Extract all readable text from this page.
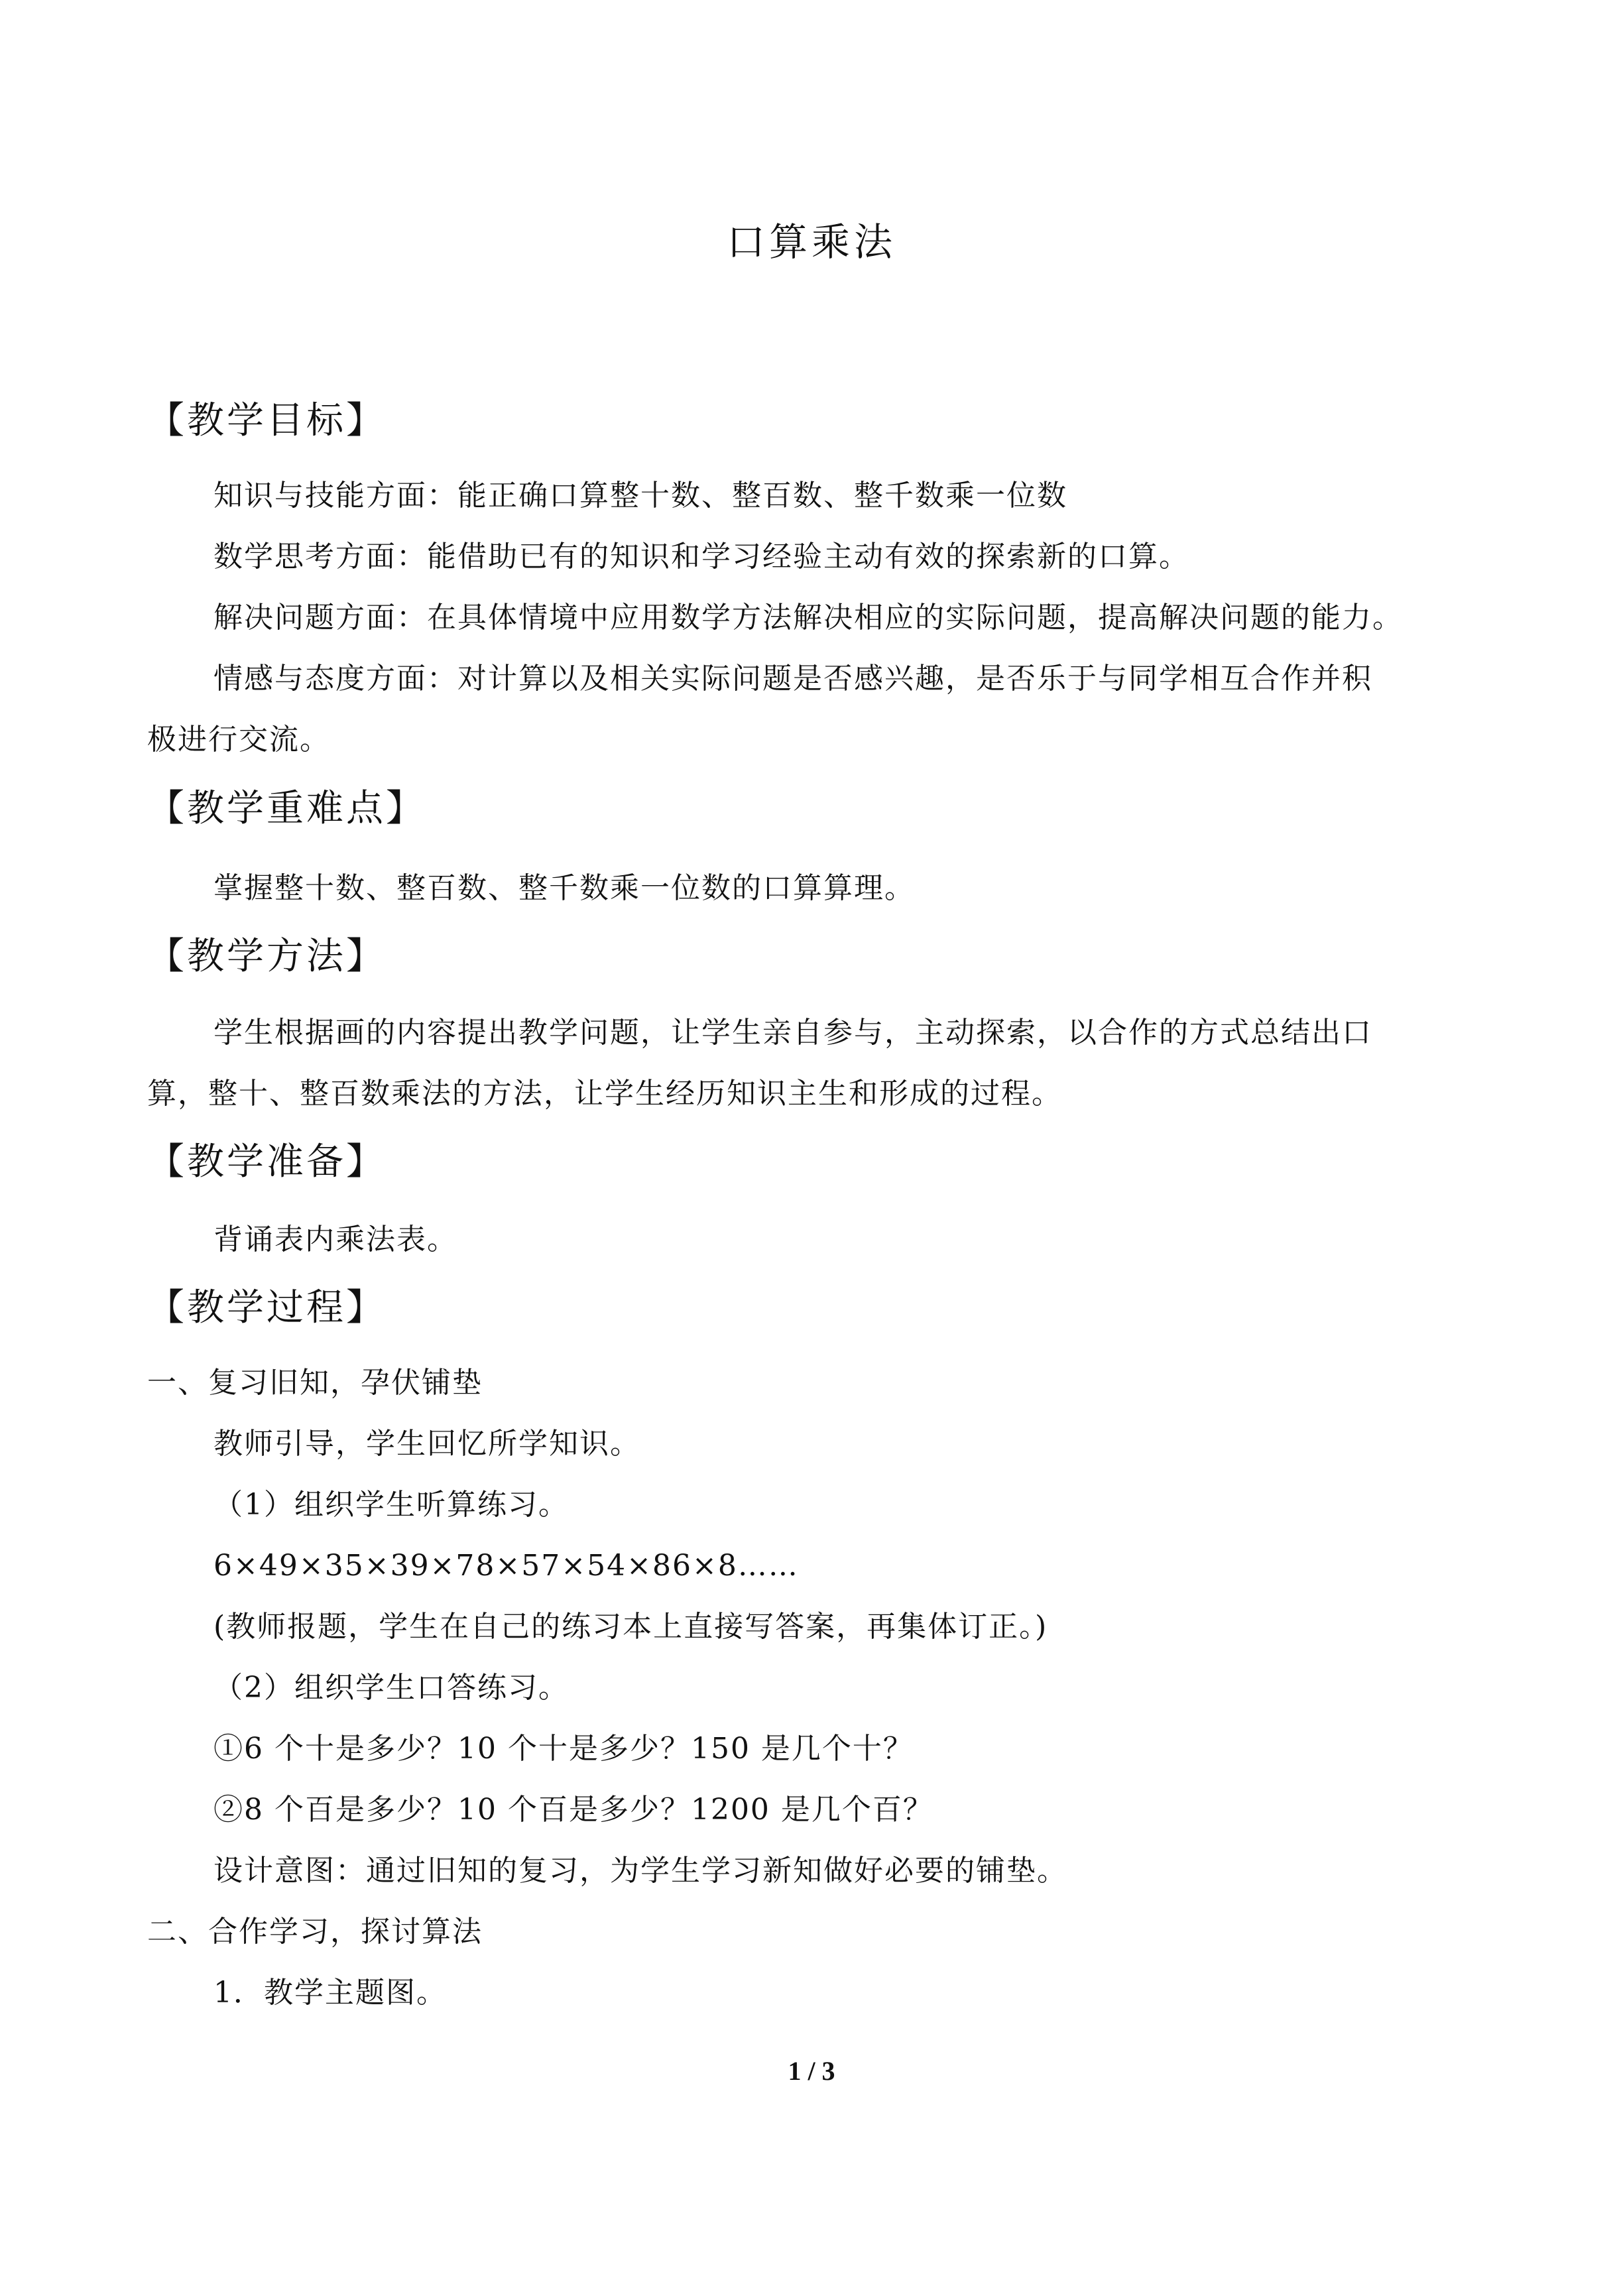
口算乘法
【教学目标】
知识与技能方面：能正确口算整十数、整百数、整千数乘一位数
数学思考方面：能借助已有的知识和学习经验主动有效的探索新的口算。
解决问题方面：在具体情境中应用数学方法解决相应的实际问题，提高解决问题的能力。
情感与态度方面：对计算以及相关实际问题是否感兴趣，是否乐于与同学相互合作并积
极进行交流。
【教学重难点】
掌握整十数、整百数、整千数乘一位数的口算算理。
【教学方法】
学生根据画的内容提出教学问题，让学生亲自参与，主动探索，以合作的方式总结出口
算，整十、整百数乘法的方法，让学生经历知识主生和形成的过程。
【教学准备】
背诵表内乘法表。
【教学过程】
一、复习旧知，孕伏铺垫
教师引导，学生回忆所学知识。
（1）组织学生听算练习。
6×49×35×39×78×57×54×86×8……
(教师报题，学生在自己的练习本上直接写答案，再集体订正。)
（2）组织学生口答练习。
①6 个十是多少？10 个十是多少？150 是几个十？
②8 个百是多少？10 个百是多少？1200 是几个百？
设计意图：通过旧知的复习，为学生学习新知做好必要的铺垫。
二、合作学习，探讨算法
1．教学主题图。
1 / 3
